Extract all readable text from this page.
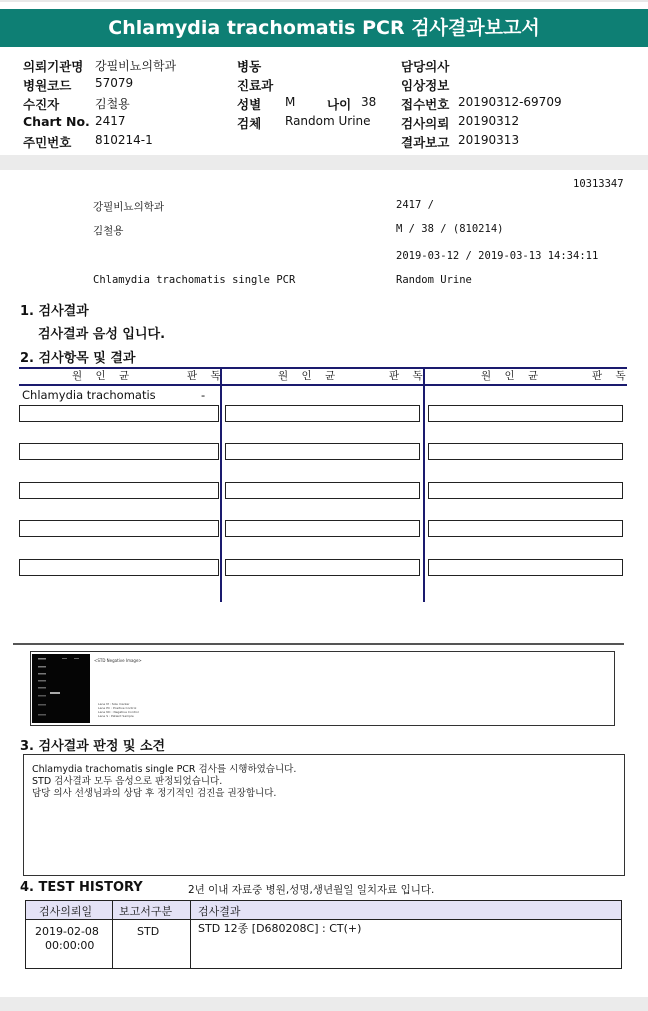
Chlamydia trachomatis PCR 검사결과보고서
의뢰기관명 강필비뇨의학과
병원코드 57079
수진자	김철용
Chart No. 2417
주민번호 810214-1
병동
진료과
성별 M	나이 38
검체 Random Urine
담당의사
임상정보
접수번호 20190312-69709
검사의뢰 20190312
결과보고 20190313
10313347
강필비뇨의학과	2417 /
김철용	M / 38 / (810214)
2019-03-12 / 2019-03-13 14:34:11
Chlamydia trachomatis single PCR	Random Urine
1. 검사결과
검사결과 음성 입니다.
2. 검사항목 및 결과
원 인 균	판 독	원 인 균	판 독	원 인 균	판 독
Chlamydia trachomatis	-
<STD Negative Image>
Lane M : Size marker
Lane PC : Positive Control
Lane NC : Negative Control
Lane S : Patient Sample
3. 검사결과 판정 및 소견
Chlamydia trachomatis single PCR 검사를 시행하였습니다.
STD 검사결과 모두 음성으로 판정되었습니다.
담당 의사 선생님과의 상담 후 정기적인 검진을 권장합니다.
4. TEST HISTORY	2년 이내 자료중 병원,성명,생년월일 일치자료 입니다.
검사의뢰일 보고서구분 검사결과
2019-02-08
00:00:00
STD	STD 12종 [D680208C] : CT(+)
